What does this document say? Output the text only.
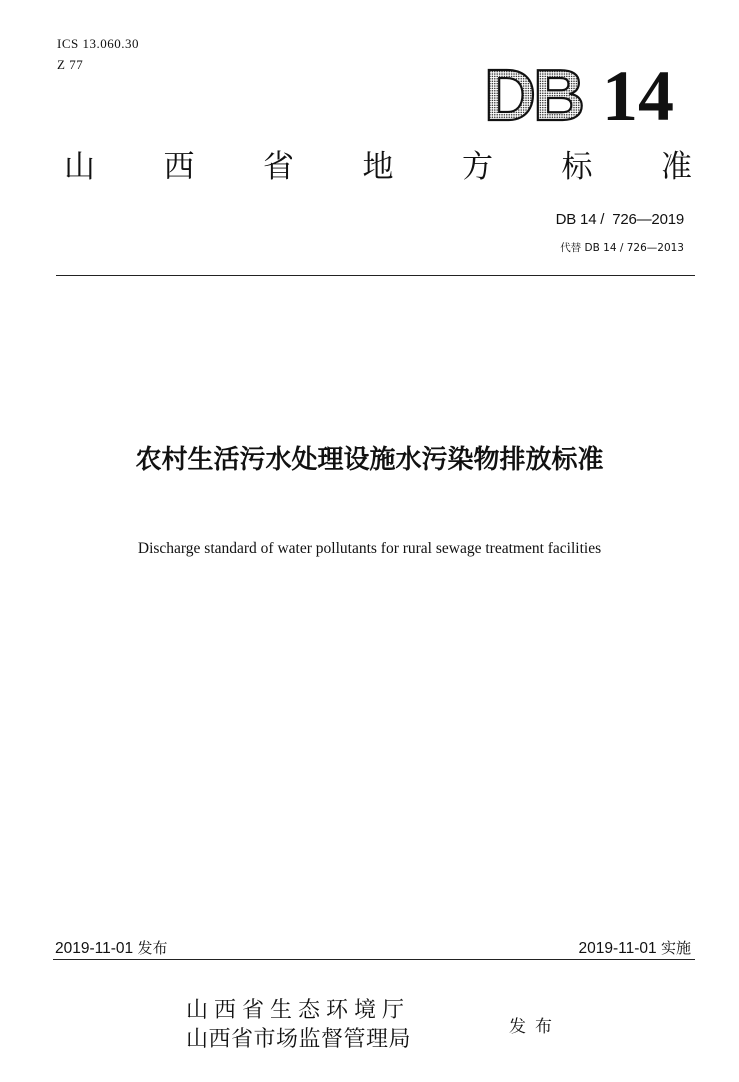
ICS 13.060.30
Z 77	DB 14
山 西 省 地 方 标 准
DB 14 /  726—2019
代替 DB 14 / 726—2013
农村生活污水处理设施水污染物排放标准
Discharge standard of water pollutants for rural sewage treatment facilities
2019-11-01 发布	2019-11-01 实施
山西省生态环境厅
山西省市场监督管理局	发布
